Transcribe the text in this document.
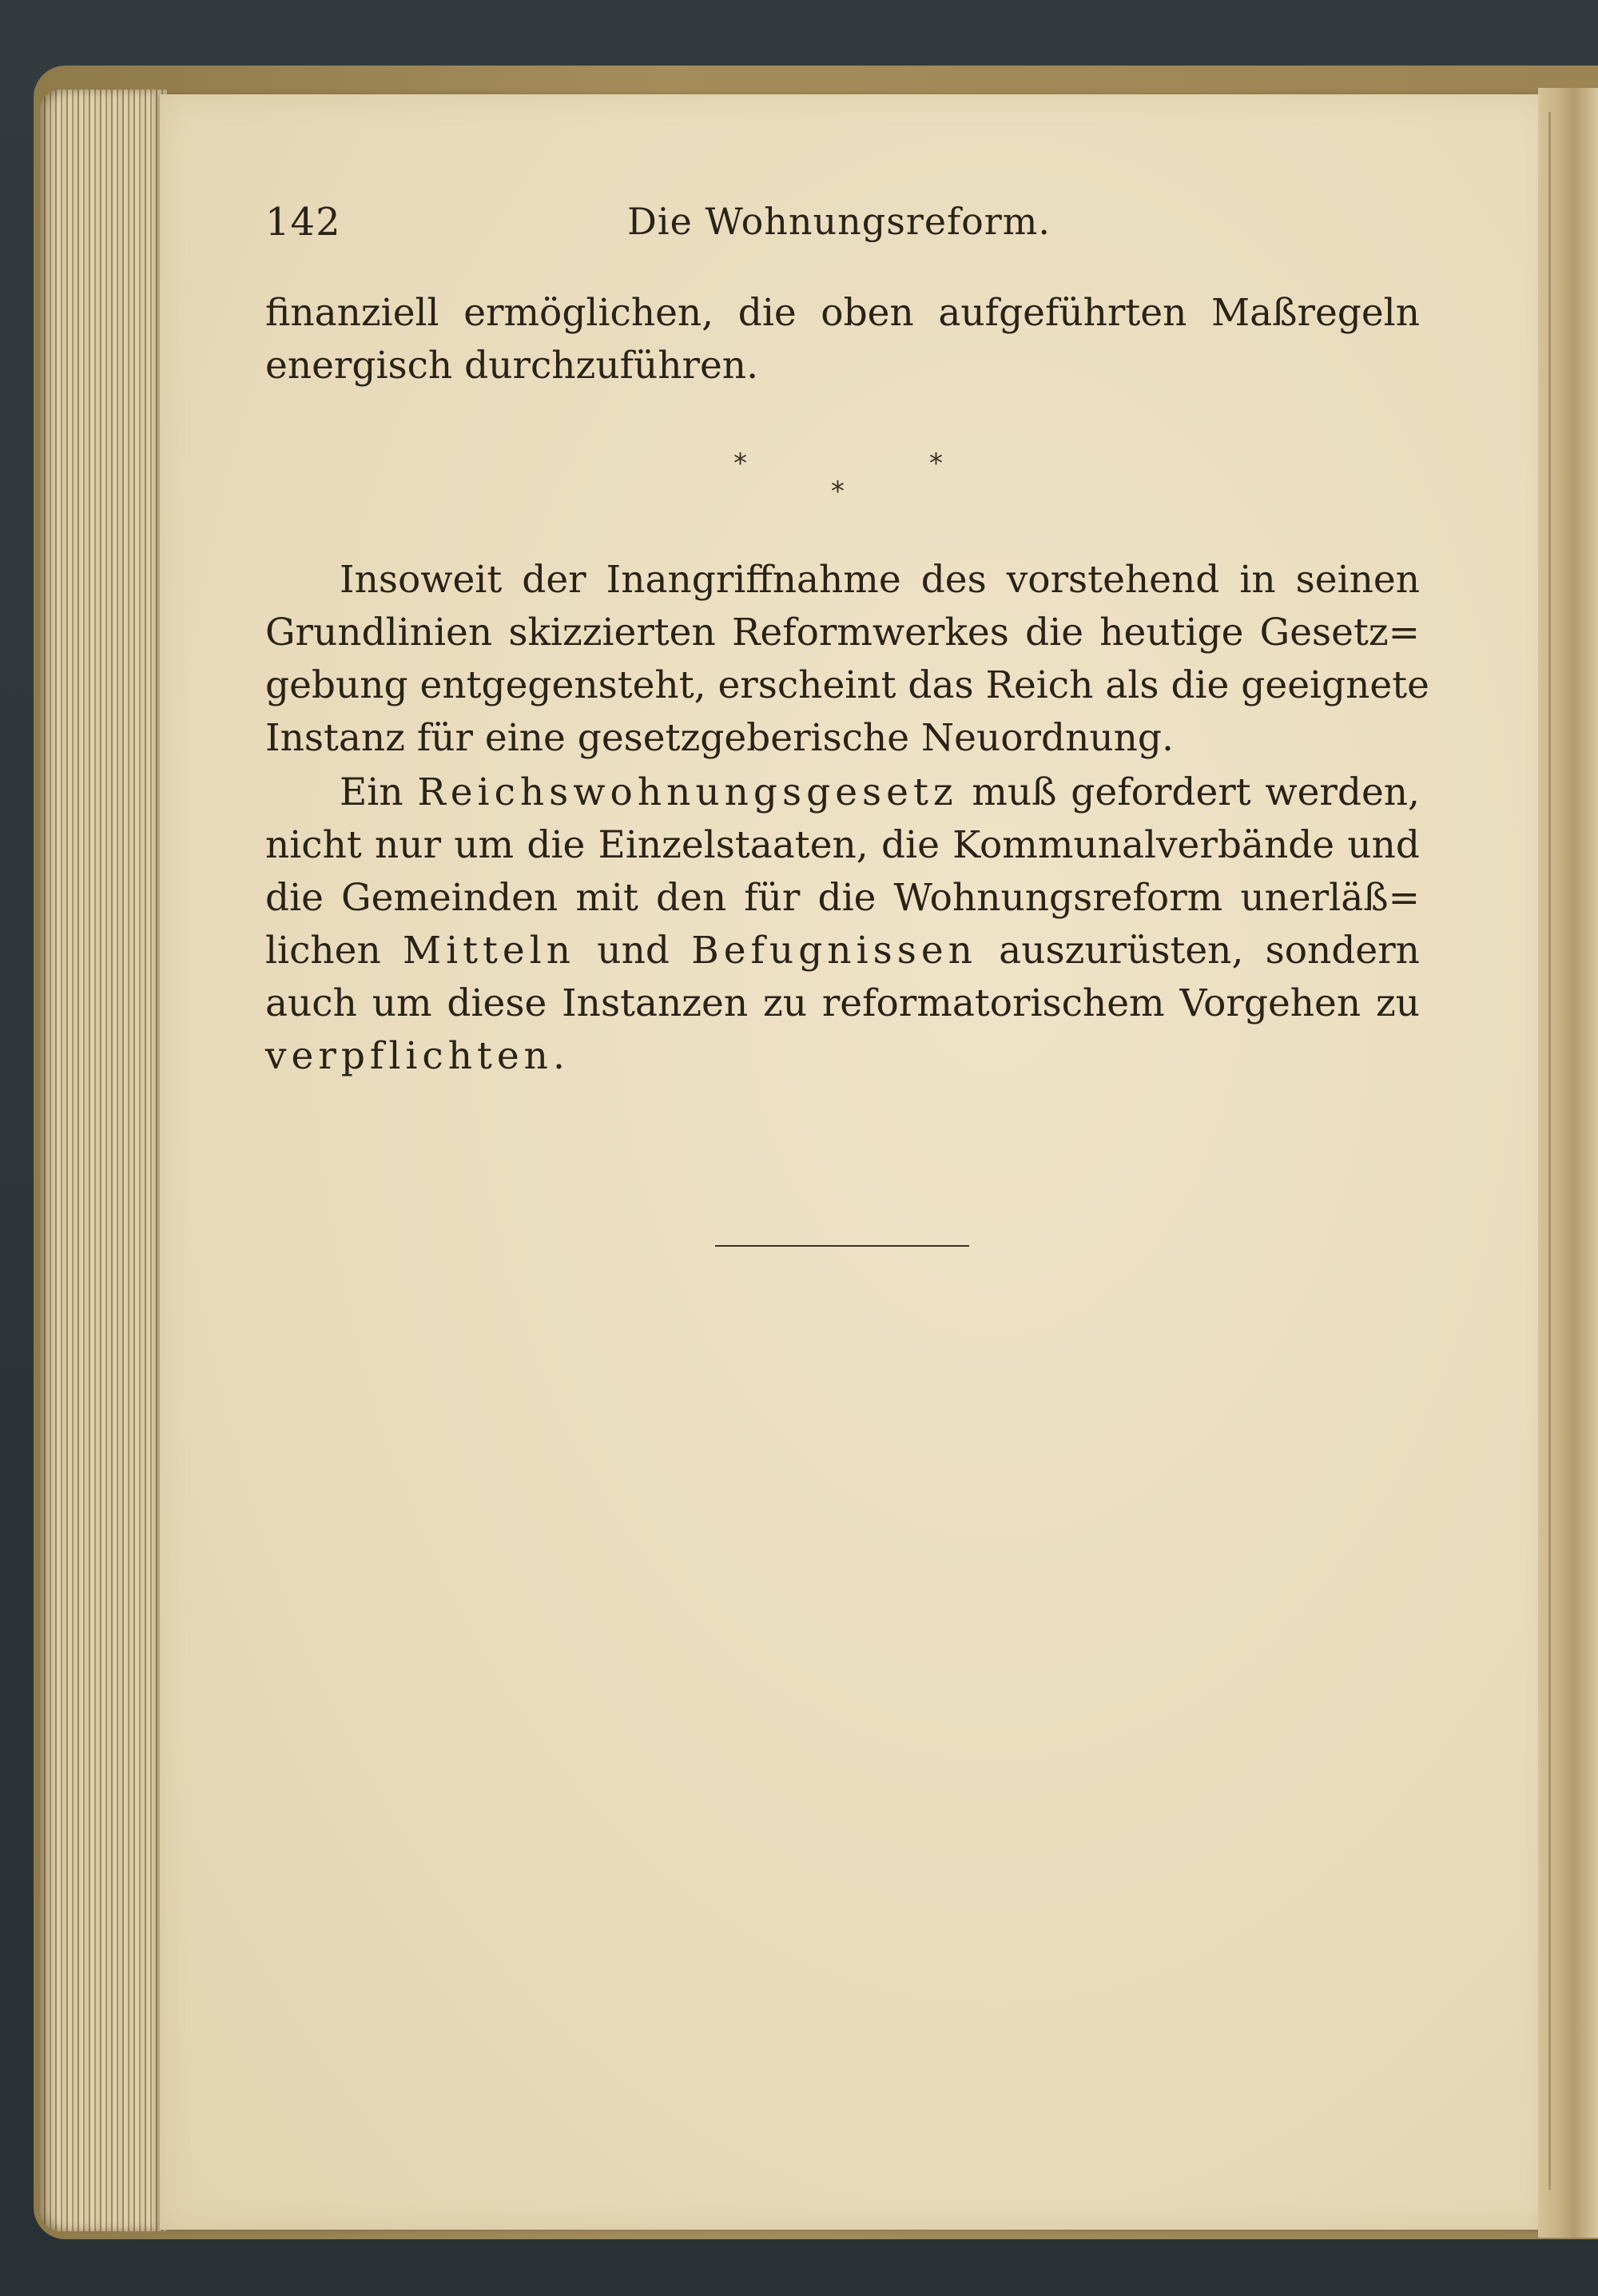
142	Die Wohnungsreform.
finanziell ermöglichen, die oben aufgeführten Maßregeln
energisch durchzuführen.
*
*
*
Insoweit der Inangriffnahme des vorstehend in seinen
Grundlinien skizzierten Reformwerkes die heutige Gesetz=
gebung entgegensteht, erscheint das Reich als die geeignete
Instanz für eine gesetzgeberische Neuordnung.
Ein Reichswohnungsgesetz muß gefordert werden,
nicht nur um die Einzelstaaten, die Kommunalverbände und
die Gemeinden mit den für die Wohnungsreform unerläß=
lichen Mitteln und Befugnissen auszurüsten, sondern
auch um diese Instanzen zu reformatorischem Vorgehen zu
verpflichten.
